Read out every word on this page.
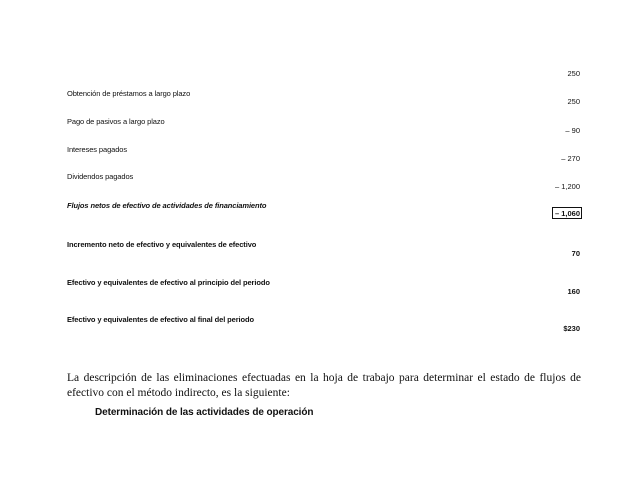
250
Obtención de préstamos a largo plazo
250
Pago de pasivos a largo plazo
– 90
Intereses pagados
– 270
Dividendos pagados
– 1,200
Flujos netos de efectivo de actividades de financiamiento
– 1,060
Incremento neto de efectivo y equivalentes de efectivo
70
Efectivo y equivalentes de efectivo al principio del periodo
160
Efectivo y equivalentes de efectivo al final del periodo
$230

La descripción de las eliminaciones efectuadas en la hoja de trabajo para determinar el estado de flujos de efectivo con el método indirecto, es la siguiente:

Determinación de las actividades de operación
